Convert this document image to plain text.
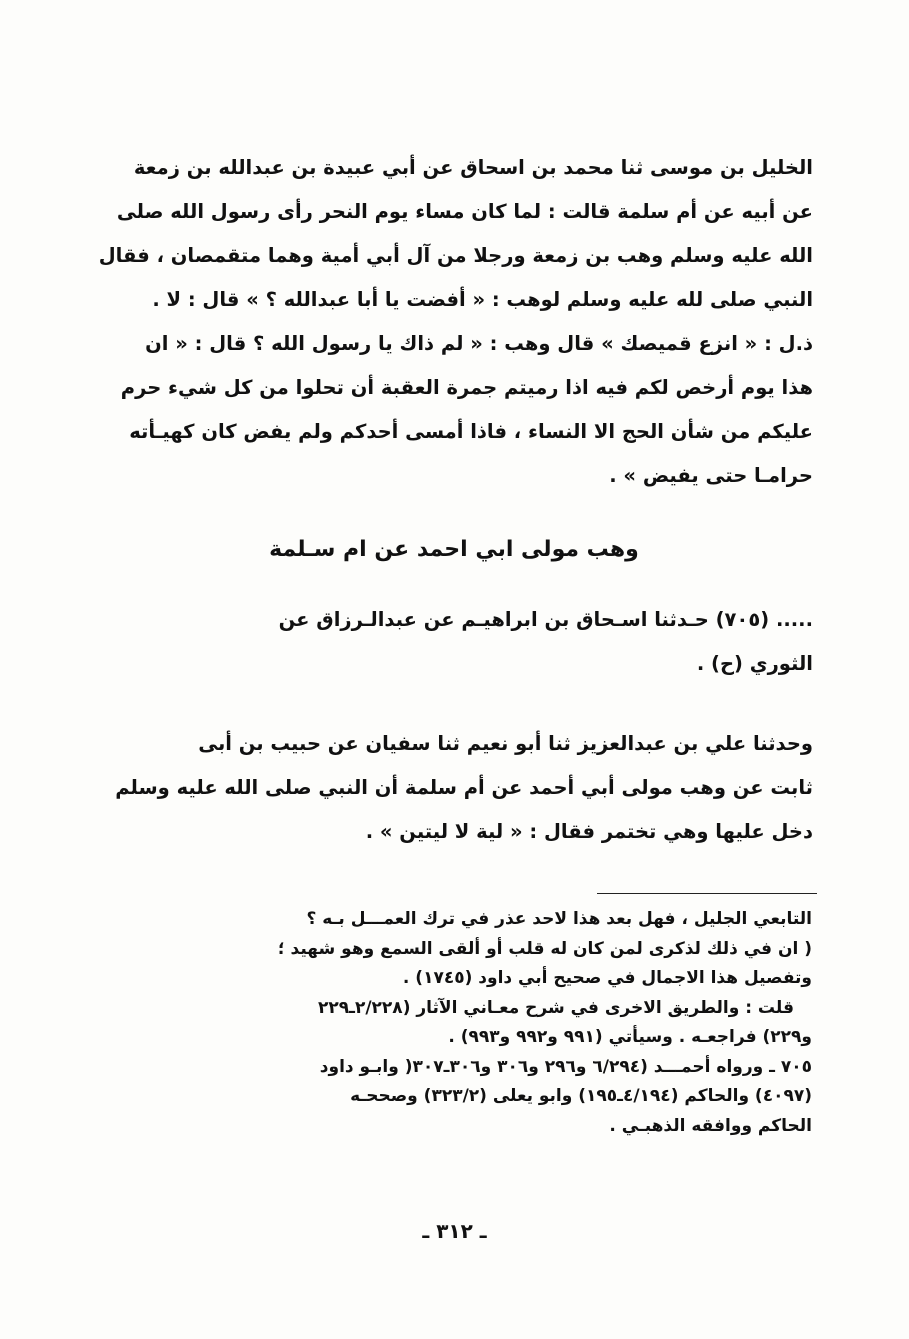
الخليل بن موسى ثنا محمد بن اسحاق عن أبي عبيدة بن عبدالله بن زمعة
عن أبيه عن أم سلمة قالت : لما كان مساء يوم النحر رأى رسول الله صلى
الله عليه وسلم وهب بن زمعة ورجلا من آل أبي أمية وهما متقمصان ، فقال
النبي صلى لله عليه وسلم لوهب : « أفضت يا أبا عبدالله ؟ » قال : لا .
ذ.ل : « انزع قميصك » قال وهب : « لم ذاك يا رسول الله ؟ قال : « ان
هذا يوم أرخص لكم فيه اذا رميتم جمرة العقبة أن تحلوا من كل شيء حرم
عليكم من شأن الحج الا النساء ، فاذا أمسى أحدكم ولم يفض كان كهيـأته
حرامـا حتى يفيض » .
وهب مولى ابي احمد عن ام سـلمة
..... (٧٠٥) حـدثنا اسـحاق بن ابراهيـم عن عبدالـرزاق عن
الثوري (ح) .
وحدثنا علي بن عبدالعزيز ثنا أبو نعيم ثنا سفيان عن حبيب بن أبى
ثابت عن وهب مولى أبي أحمد عن أم سلمة أن النبي صلى الله عليه وسلم
دخل عليها وهي تختمر فقال : « لية لا ليتين » .
التابعي الجليل ، فهل بعد هذا لاحد عذر في ترك العمـــل بـه ؟
( ان في ذلك لذكرى لمن كان له قلب أو ألقى السمع وهو شهيد ؛
وتفصيل هذا الاجمال في صحيح أبي داود (١٧٤٥) .
قلت : والطريق الاخرى في شرح معـاني الآثار (٢/٢٢٨ـ٢٢٩
و٢٢٩) فراجعـه . وسيأتي (٩٩١ و٩٩٢ و٩٩٣) .
٧٠٥ ـ ورواه أحمـــد (٦/٢٩٤ و٢٩٦ و٣٠٦ و٣٠٦ـ٣٠٧( وابـو داود
(٤٠٩٧) والحاكم (٤/١٩٤ـ١٩٥) وابو يعلى (٣٢٣/٢) وصححـه
الحاكم ووافقه الذهبـي .
ـ ٣١٢ ـ
